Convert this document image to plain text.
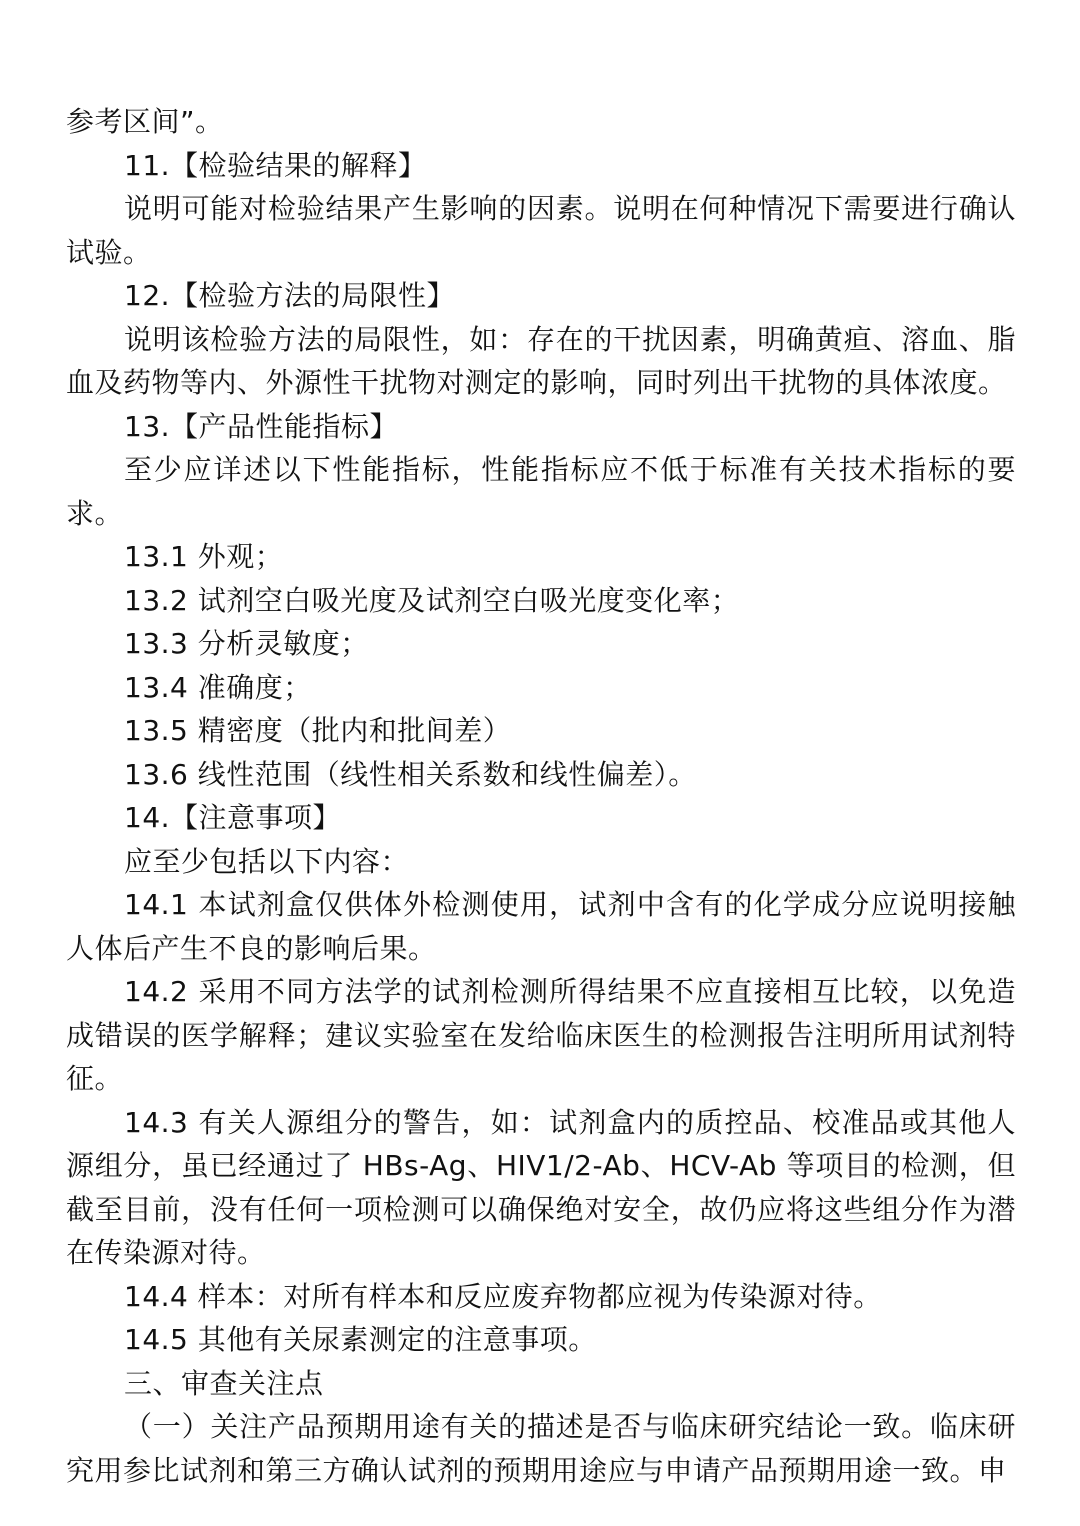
参考区间”。

11.【检验结果的解释】

说明可能对检验结果产生影响的因素。说明在何种情况下需要进行确认试验。

12.【检验方法的局限性】

说明该检验方法的局限性，如：存在的干扰因素，明确黄疸、溶血、脂血及药物等内、外源性干扰物对测定的影响，同时列出干扰物的具体浓度。

13.【产品性能指标】

至少应详述以下性能指标，性能指标应不低于标准有关技术指标的要求。

13.1 外观；

13.2 试剂空白吸光度及试剂空白吸光度变化率；

13.3 分析灵敏度；

13.4 准确度；

13.5 精密度（批内和批间差）

13.6 线性范围（线性相关系数和线性偏差）。

14.【注意事项】

应至少包括以下内容：

14.1 本试剂盒仅供体外检测使用，试剂中含有的化学成分应说明接触人体后产生不良的影响后果。

14.2 采用不同方法学的试剂检测所得结果不应直接相互比较，以免造成错误的医学解释；建议实验室在发给临床医生的检测报告注明所用试剂特征。

14.3 有关人源组分的警告，如：试剂盒内的质控品、校准品或其他人源组分，虽已经通过了 HBs-Ag、HIV1/2-Ab、HCV-Ab 等项目的检测，但截至目前，没有任何一项检测可以确保绝对安全，故仍应将这些组分作为潜在传染源对待。

14.4 样本：对所有样本和反应废弃物都应视为传染源对待。

14.5 其他有关尿素测定的注意事项。

三、审查关注点

（一）关注产品预期用途有关的描述是否与临床研究结论一致。临床研究用参比试剂和第三方确认试剂的预期用途应与申请产品预期用途一致。申
